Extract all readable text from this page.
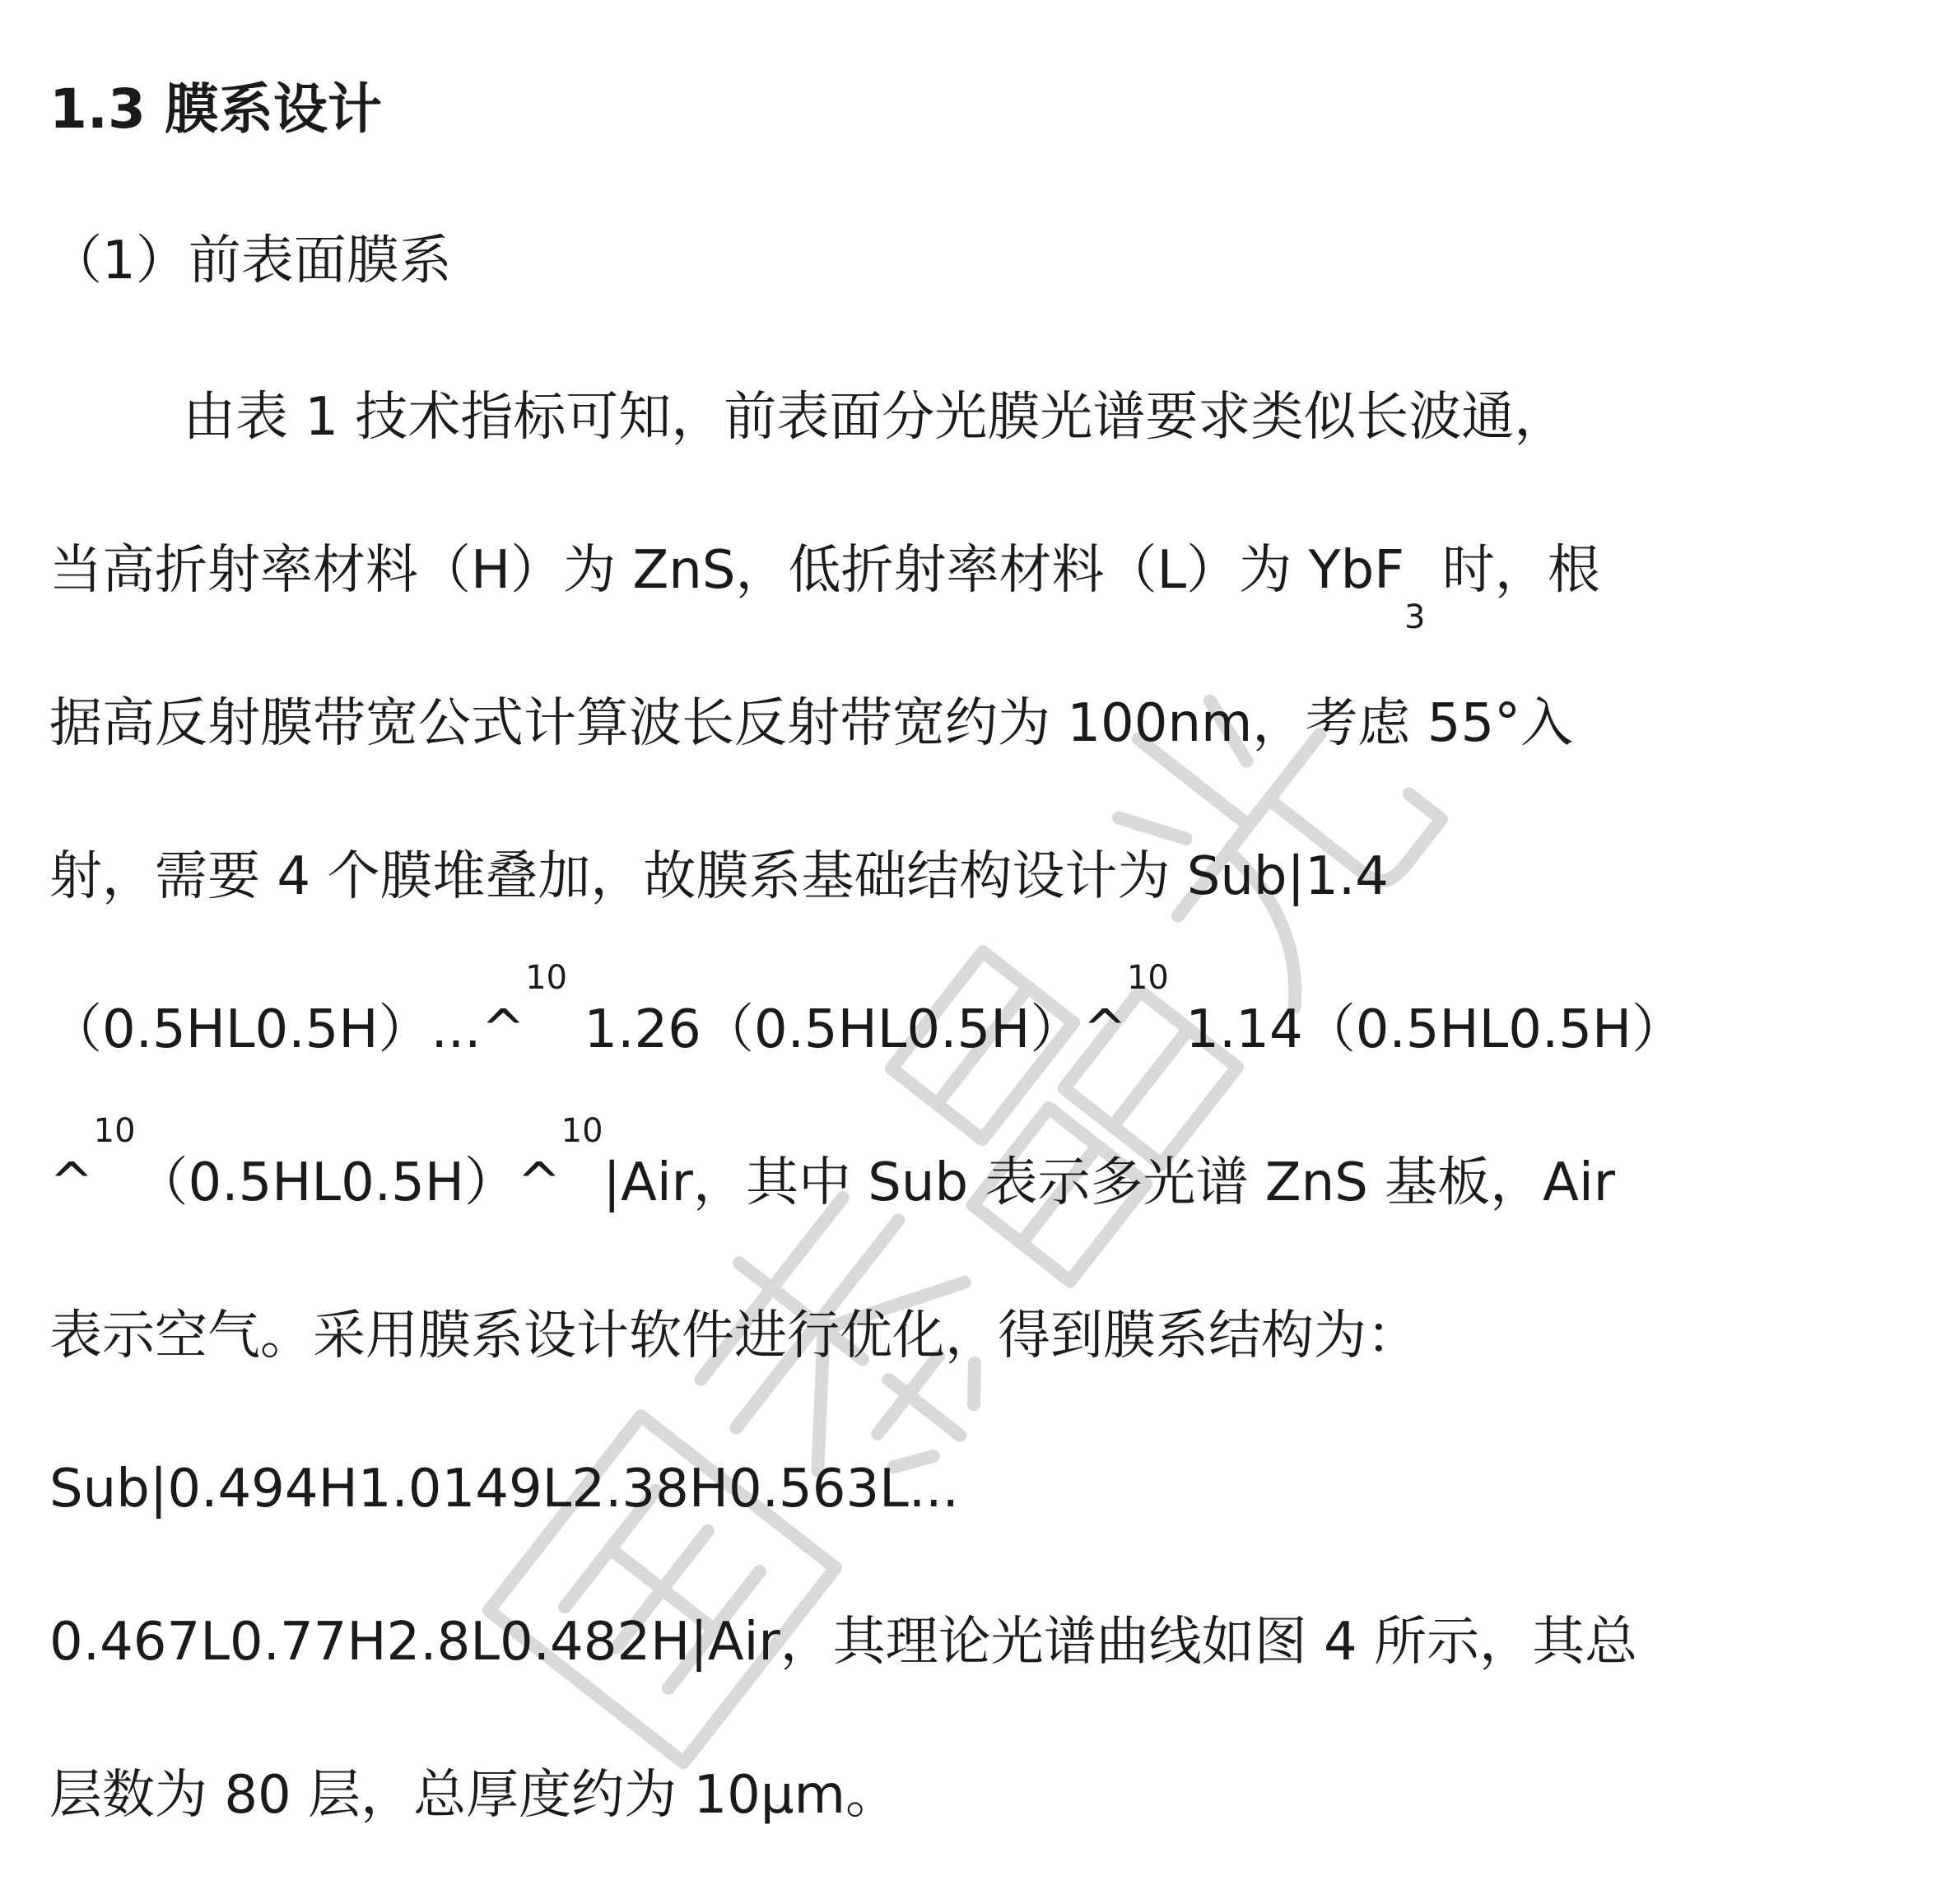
1.3 膜系设计
（1）前表面膜系
由表 1 技术指标可知，前表面分光膜光谱要求类似长波通，
当高折射率材料（H）为 ZnS，低折射率材料（L）为 YbF$_3$ 时，根
据高反射膜带宽公式计算波长反射带宽约为 100nm，考虑 55°入
射，需要 4 个膜堆叠加，故膜系基础结构设计为 Sub|1.4
（0.5HL0.5H）...^$^{10}$ 1.26（0.5HL0.5H）^$^{10}$ 1.14（0.5HL0.5H）
^$^{10}$（0.5HL0.5H）^$^{10}$|Air，其中 Sub 表示多光谱 ZnS 基板，Air
表示空气。采用膜系设计软件进行优化，得到膜系结构为：
Sub|0.494H1.0149L2.38H0.563L...
0.467L0.77H2.8L0.482H|Air，其理论光谱曲线如图 4 所示，其总
层数为 80 层，总厚度约为 10μm。
